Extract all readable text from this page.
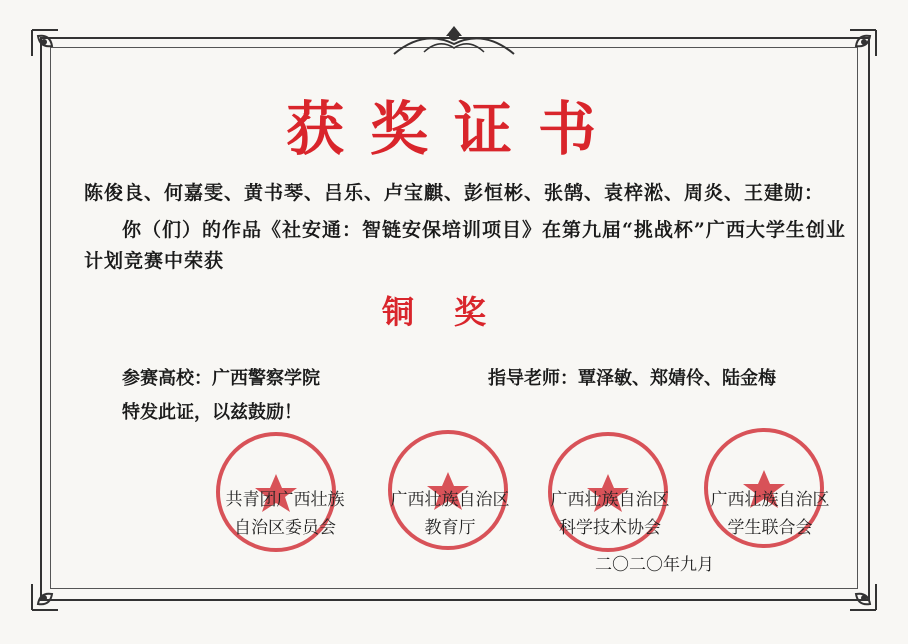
获奖证书
陈俊良、何嘉雯、黄书琴、吕乐、卢宝麒、彭恒彬、张鹄、袁梓淞、周炎、王建勋：
你（们）的作品《社安通：智链安保培训项目》在第九届“挑战杯”广西大学生创业
计划竞赛中荣获
铜奖
参赛高校：广西警察学院	指导老师：覃泽敏、郑婧伶、陆金梅
特发此证，以兹鼓励！
共青团广西壮族
自治区委员会
广西壮族自治区
教育厅
广西壮族自治区
科学技术协会
广西壮族自治区
学生联合会
二〇二〇年九月
